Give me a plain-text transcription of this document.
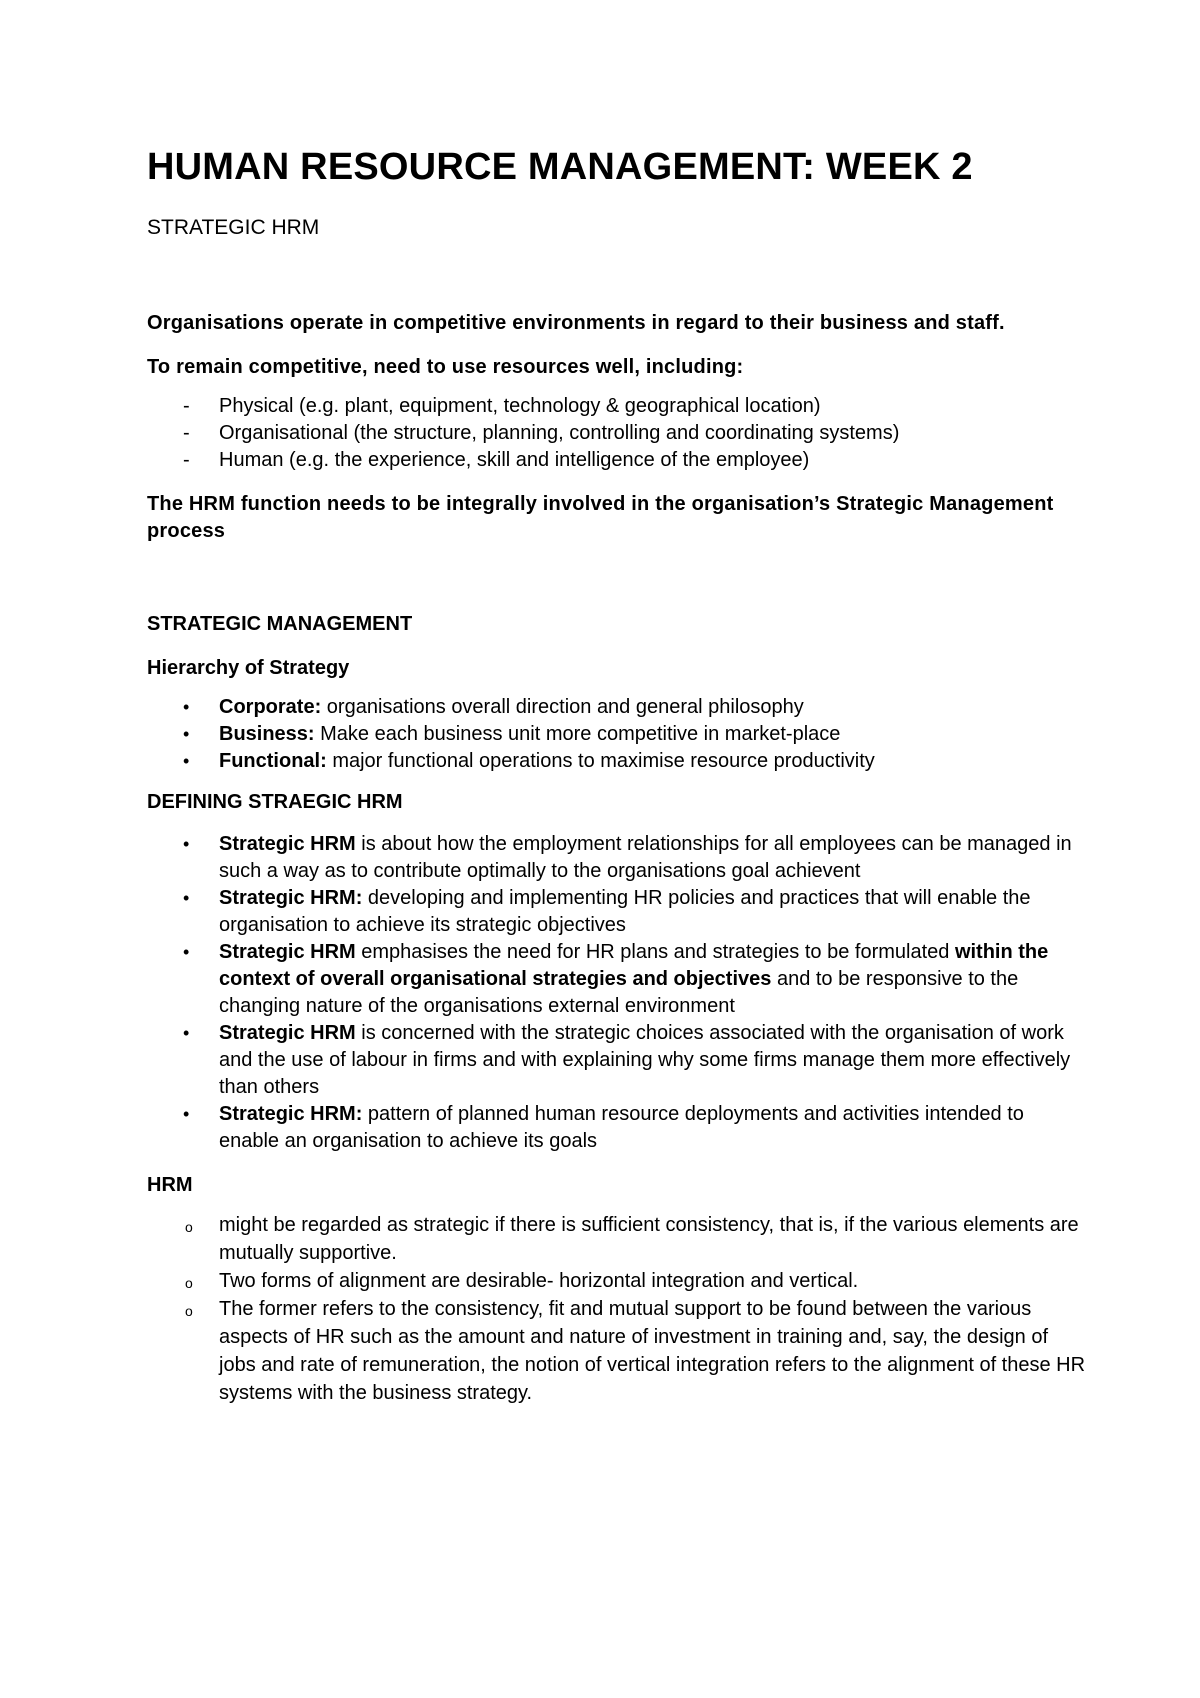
HUMAN RESOURCE MANAGEMENT: WEEK 2

STRATEGIC HRM

Organisations operate in competitive environments in regard to their business and staff.

To remain competitive, need to use resources well, including:

- Physical (e.g. plant, equipment, technology & geographical location)
- Organisational (the structure, planning, controlling and coordinating systems)
- Human (e.g. the experience, skill and intelligence of the employee)

The HRM function needs to be integrally involved in the organisation’s Strategic Management process

STRATEGIC MANAGEMENT

Hierarchy of Strategy

• Corporate: organisations overall direction and general philosophy
• Business: Make each business unit more competitive in market-place
• Functional: major functional operations to maximise resource productivity

DEFINING STRAEGIC HRM

• Strategic HRM is about how the employment relationships for all employees can be managed in such a way as to contribute optimally to the organisations goal achievent
• Strategic HRM: developing and implementing HR policies and practices that will enable the organisation to achieve its strategic objectives
• Strategic HRM emphasises the need for HR plans and strategies to be formulated within the context of overall organisational strategies and objectives and to be responsive to the changing nature of the organisations external environment
• Strategic HRM is concerned with the strategic choices associated with the organisation of work and the use of labour in firms and with explaining why some firms manage them more effectively than others
• Strategic HRM: pattern of planned human resource deployments and activities intended to enable an organisation to achieve its goals

HRM

o might be regarded as strategic if there is sufficient consistency, that is, if the various elements are mutually supportive.
o Two forms of alignment are desirable- horizontal integration and vertical.
o The former refers to the consistency, fit and mutual support to be found between the various aspects of HR such as the amount and nature of investment in training and, say, the design of jobs and rate of remuneration, the notion of vertical integration refers to the alignment of these HR systems with the business strategy.
